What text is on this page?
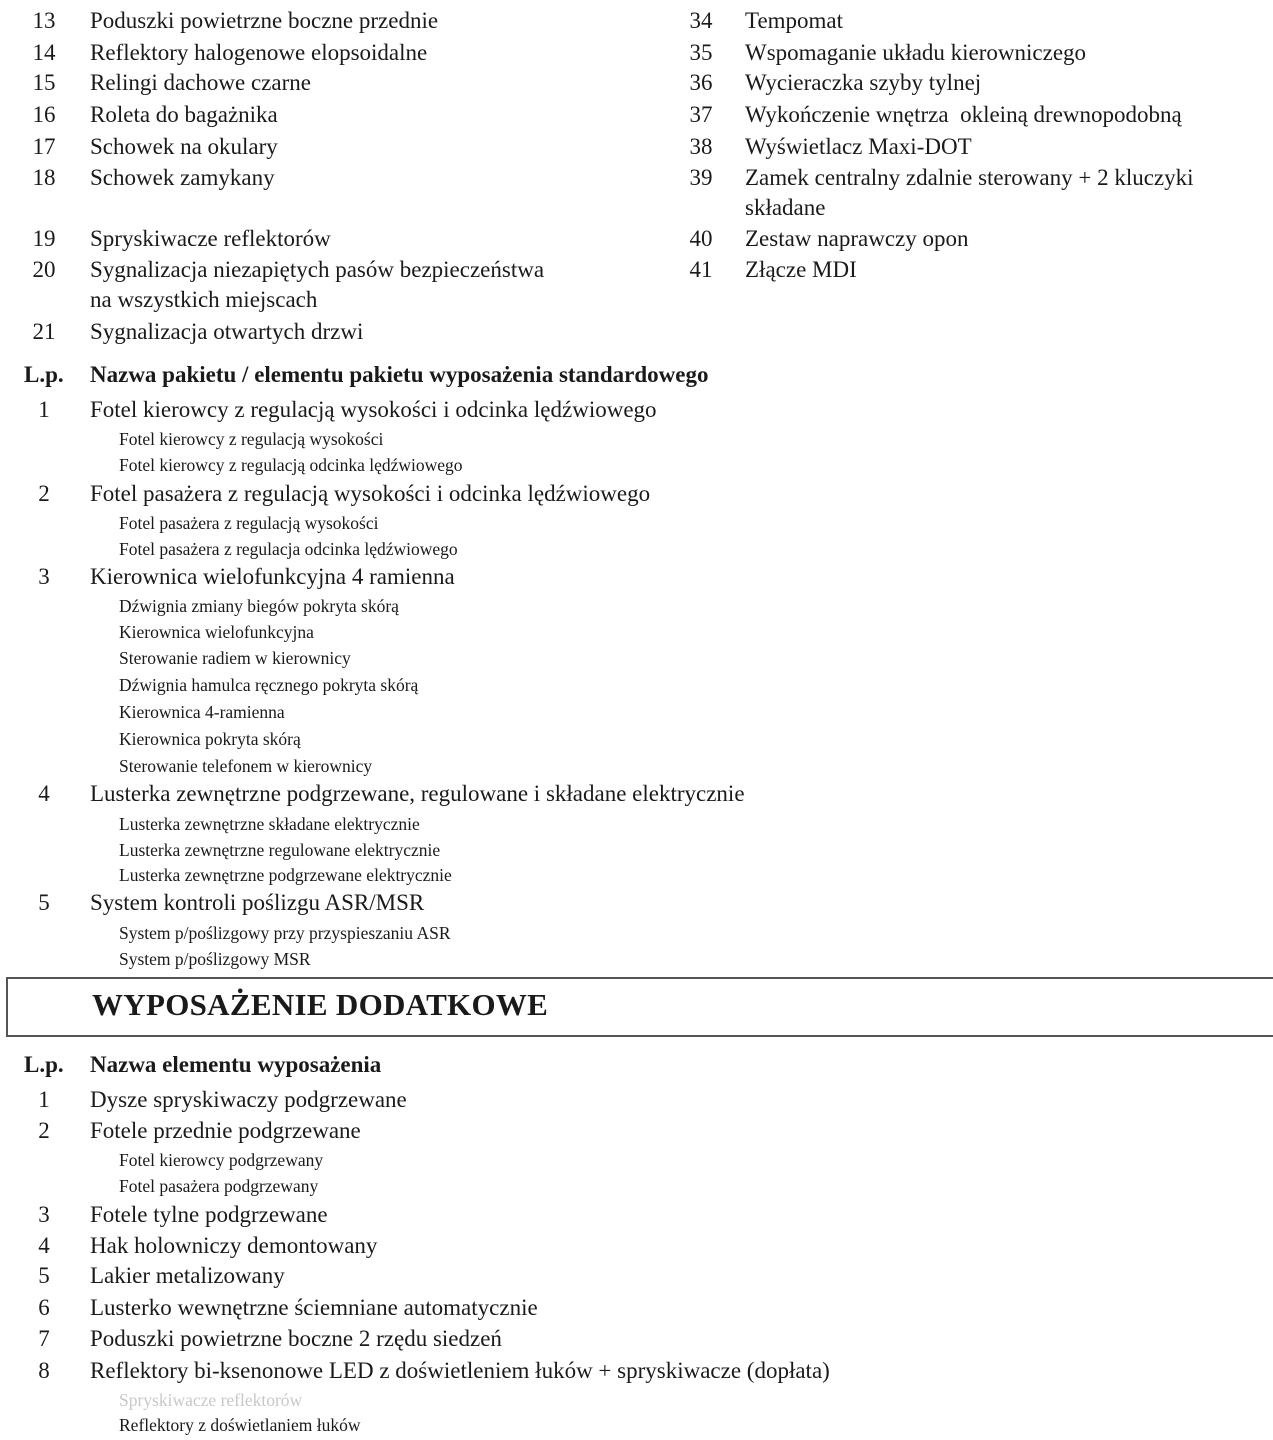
13 Poduszki powietrzne boczne przednie
14 Reflektory halogenowe elopsoidalne
15 Relingi dachowe czarne
16 Roleta do bagażnika
17 Schowek na okulary
18 Schowek zamykany
19 Spryskiwacze reflektorów
20 Sygnalizacja niezapiętych pasów bezpieczeństwa
na wszystkich miejscach
21 Sygnalizacja otwartych drzwi
34 Tempomat
35 Wspomaganie układu kierowniczego
36 Wycieraczka szyby tylnej
37 Wykończenie wnętrza  okleiną drewnopodobną
38 Wyświetlacz Maxi-DOT
39 Zamek centralny zdalnie sterowany + 2 kluczyki
składane
40 Zestaw naprawczy opon
41 Złącze MDI
L.p.	Nazwa pakietu / elementu pakietu wyposażenia standardowego
1	Fotel kierowcy z regulacją wysokości i odcinka lędźwiowego
Fotel kierowcy z regulacją wysokości
Fotel kierowcy z regulacją odcinka lędźwiowego
2	Fotel pasażera z regulacją wysokości i odcinka lędźwiowego
Fotel pasażera z regulacją wysokości
Fotel pasażera z regulacja odcinka lędźwiowego
3	Kierownica wielofunkcyjna 4 ramienna
Dźwignia zmiany biegów pokryta skórą
Kierownica wielofunkcyjna
Sterowanie radiem w kierownicy
Dźwignia hamulca ręcznego pokryta skórą
Kierownica 4-ramienna
Kierownica pokryta skórą
Sterowanie telefonem w kierownicy
4	Lusterka zewnętrzne podgrzewane, regulowane i składane elektrycznie
Lusterka zewnętrzne składane elektrycznie
Lusterka zewnętrzne regulowane elektrycznie
Lusterka zewnętrzne podgrzewane elektrycznie
5	System kontroli poślizgu ASR/MSR
System p/poślizgowy przy przyspieszaniu ASR
System p/poślizgowy MSR
WYPOSAŻENIE DODATKOWE
L.p.	Nazwa elementu wyposażenia
1	Dysze spryskiwaczy podgrzewane
2	Fotele przednie podgrzewane
Fotel kierowcy podgrzewany
Fotel pasażera podgrzewany
3	Fotele tylne podgrzewane
4	Hak holowniczy demontowany
5	Lakier metalizowany
6	Lusterko wewnętrzne ściemniane automatycznie
7	Poduszki powietrzne boczne 2 rzędu siedzeń
8	Reflektory bi-ksenonowe LED z doświetleniem łuków + spryskiwacze (dopłata)
Spryskiwacze reflektorów
Reflektory z doświetlaniem łuków
